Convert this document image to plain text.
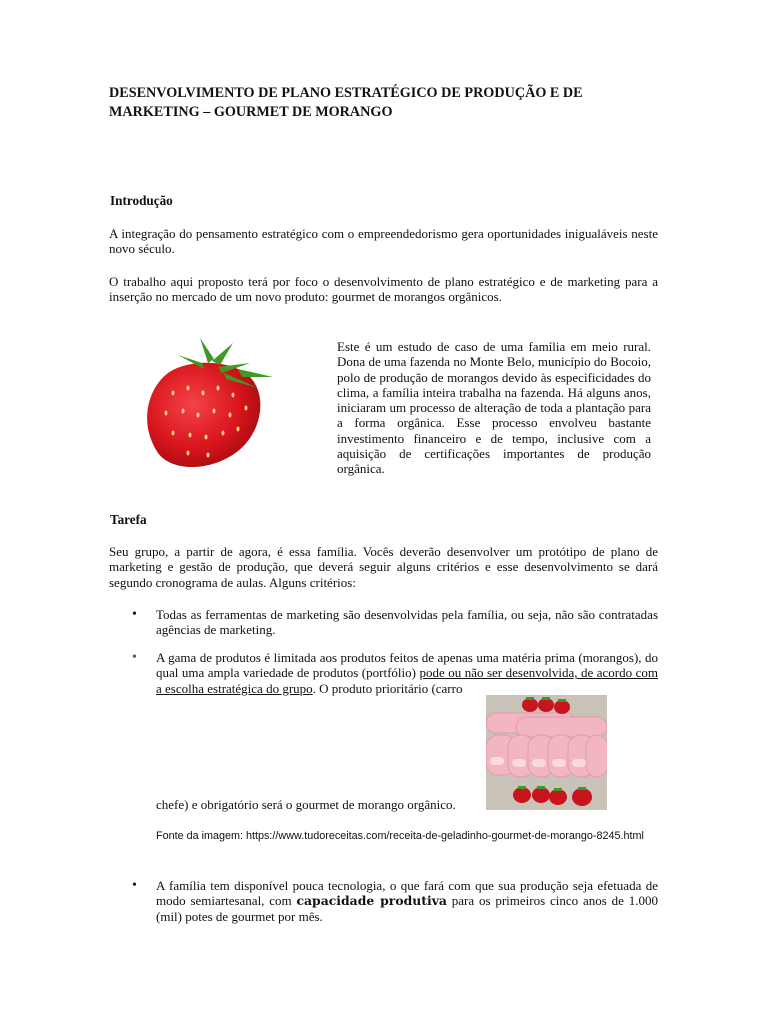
DESENVOLVIMENTO DE PLANO ESTRATÉGICO DE PRODUÇÃO E DE
MARKETING – GOURMET DE MORANGO
Introdução
A integração do pensamento estratégico com o empreendedorismo gera oportunidades inigualáveis neste novo século.
O trabalho aqui proposto terá por foco o desenvolvimento de plano estratégico e de marketing para a inserção no mercado de um novo produto: gourmet de morangos orgânicos.
Este é um estudo de caso de uma família em meio rural. Dona de uma fazenda no Monte Belo, município do Bocoio, polo de produção de morangos devido às especificidades do clima, a família inteira trabalha na fazenda. Há alguns anos, iniciaram um processo de alteração de toda a plantação para a forma orgânica. Esse processo envolveu bastante investimento financeiro e de tempo, inclusive com a aquisição de certificações importantes de produção orgânica.
Tarefa
Seu grupo, a partir de agora, é essa família. Vocês deverão desenvolver um protótipo de plano de marketing e gestão de produção, que deverá seguir alguns critérios e esse desenvolvimento se dará segundo cronograma de aulas. Alguns critérios:
• Todas as ferramentas de marketing são desenvolvidas pela família, ou seja, não são contratadas agências de marketing.
• A gama de produtos é limitada aos produtos feitos de apenas uma matéria prima (morangos), do qual uma ampla variedade de produtos (portfólio) pode ou não ser desenvolvida, de acordo com a escolha estratégica do grupo. O produto prioritário (carro
chefe) e obrigatório será o gourmet de morango orgânico.
Fonte da imagem: https://www.tudoreceitas.com/receita-de-geladinho-gourmet-de-morango-8245.html
• A família tem disponível pouca tecnologia, o que fará com que sua produção seja efetuada de modo semiartesanal, com capacidade produtiva para os primeiros cinco anos de 1.000 (mil) potes de gourmet por mês.
